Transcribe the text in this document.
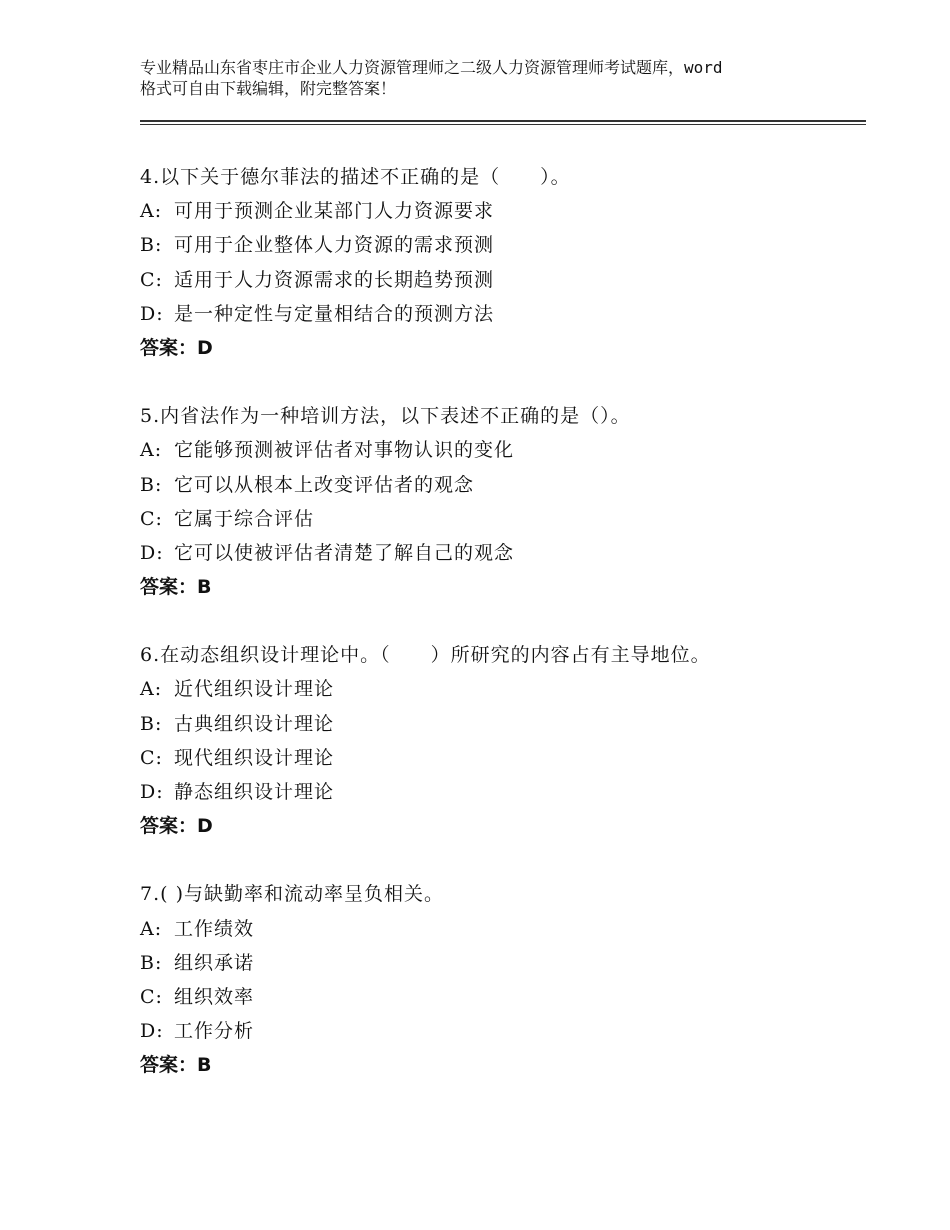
专业精品山东省枣庄市企业人力资源管理师之二级人力资源管理师考试题库，word
格式可自由下载编辑，附完整答案！
4.以下关于德尔菲法的描述不正确的是（　　）。
A: 可用于预测企业某部门人力资源要求
B: 可用于企业整体人力资源的需求预测
C: 适用于人力资源需求的长期趋势预测
D: 是一种定性与定量相结合的预测方法
答案：D
5.内省法作为一种培训方法，以下表述不正确的是（）。
A: 它能够预测被评估者对事物认识的变化
B: 它可以从根本上改变评估者的观念
C: 它属于综合评估
D: 它可以使被评估者清楚了解自己的观念
答案：B
6.在动态组织设计理论中。（　　）所研究的内容占有主导地位。
A: 近代组织设计理论
B: 古典组织设计理论
C: 现代组织设计理论
D: 静态组织设计理论
答案：D
7.( )与缺勤率和流动率呈负相关。
A: 工作绩效
B: 组织承诺
C: 组织效率
D: 工作分析
答案：B
